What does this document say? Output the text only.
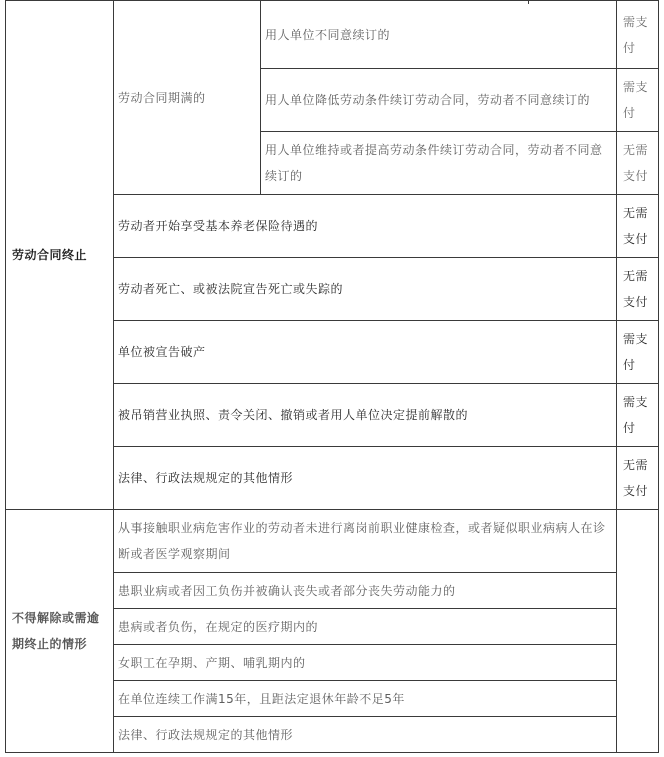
劳动合同终止	劳动合同期满的	用人单位不同意续订的	需支付
		用人单位降低劳动条件续订劳动合同，劳动者不同意续订的	需支付
		用人单位维持或者提高劳动条件续订劳动合同，劳动者不同意续订的	无需支付
	劳动者开始享受基本养老保险待遇的		无需支付
	劳动者死亡、或被法院宣告死亡或失踪的		无需支付
	单位被宣告破产		需支付
	被吊销营业执照、责令关闭、撤销或者用人单位决定提前解散的		需支付
	法律、行政法规规定的其他情形		无需支付
不得解除或需逾期终止的情形	从事接触职业病危害作业的劳动者未进行离岗前职业健康检查，或者疑似职业病病人在诊断或者医学观察期间		
	患职业病或者因工负伤并被确认丧失或者部分丧失劳动能力的		
	患病或者负伤，在规定的医疗期内的		
	女职工在孕期、产期、哺乳期内的		
	在单位连续工作满15年，且距法定退休年龄不足5年		
	法律、行政法规规定的其他情形		
